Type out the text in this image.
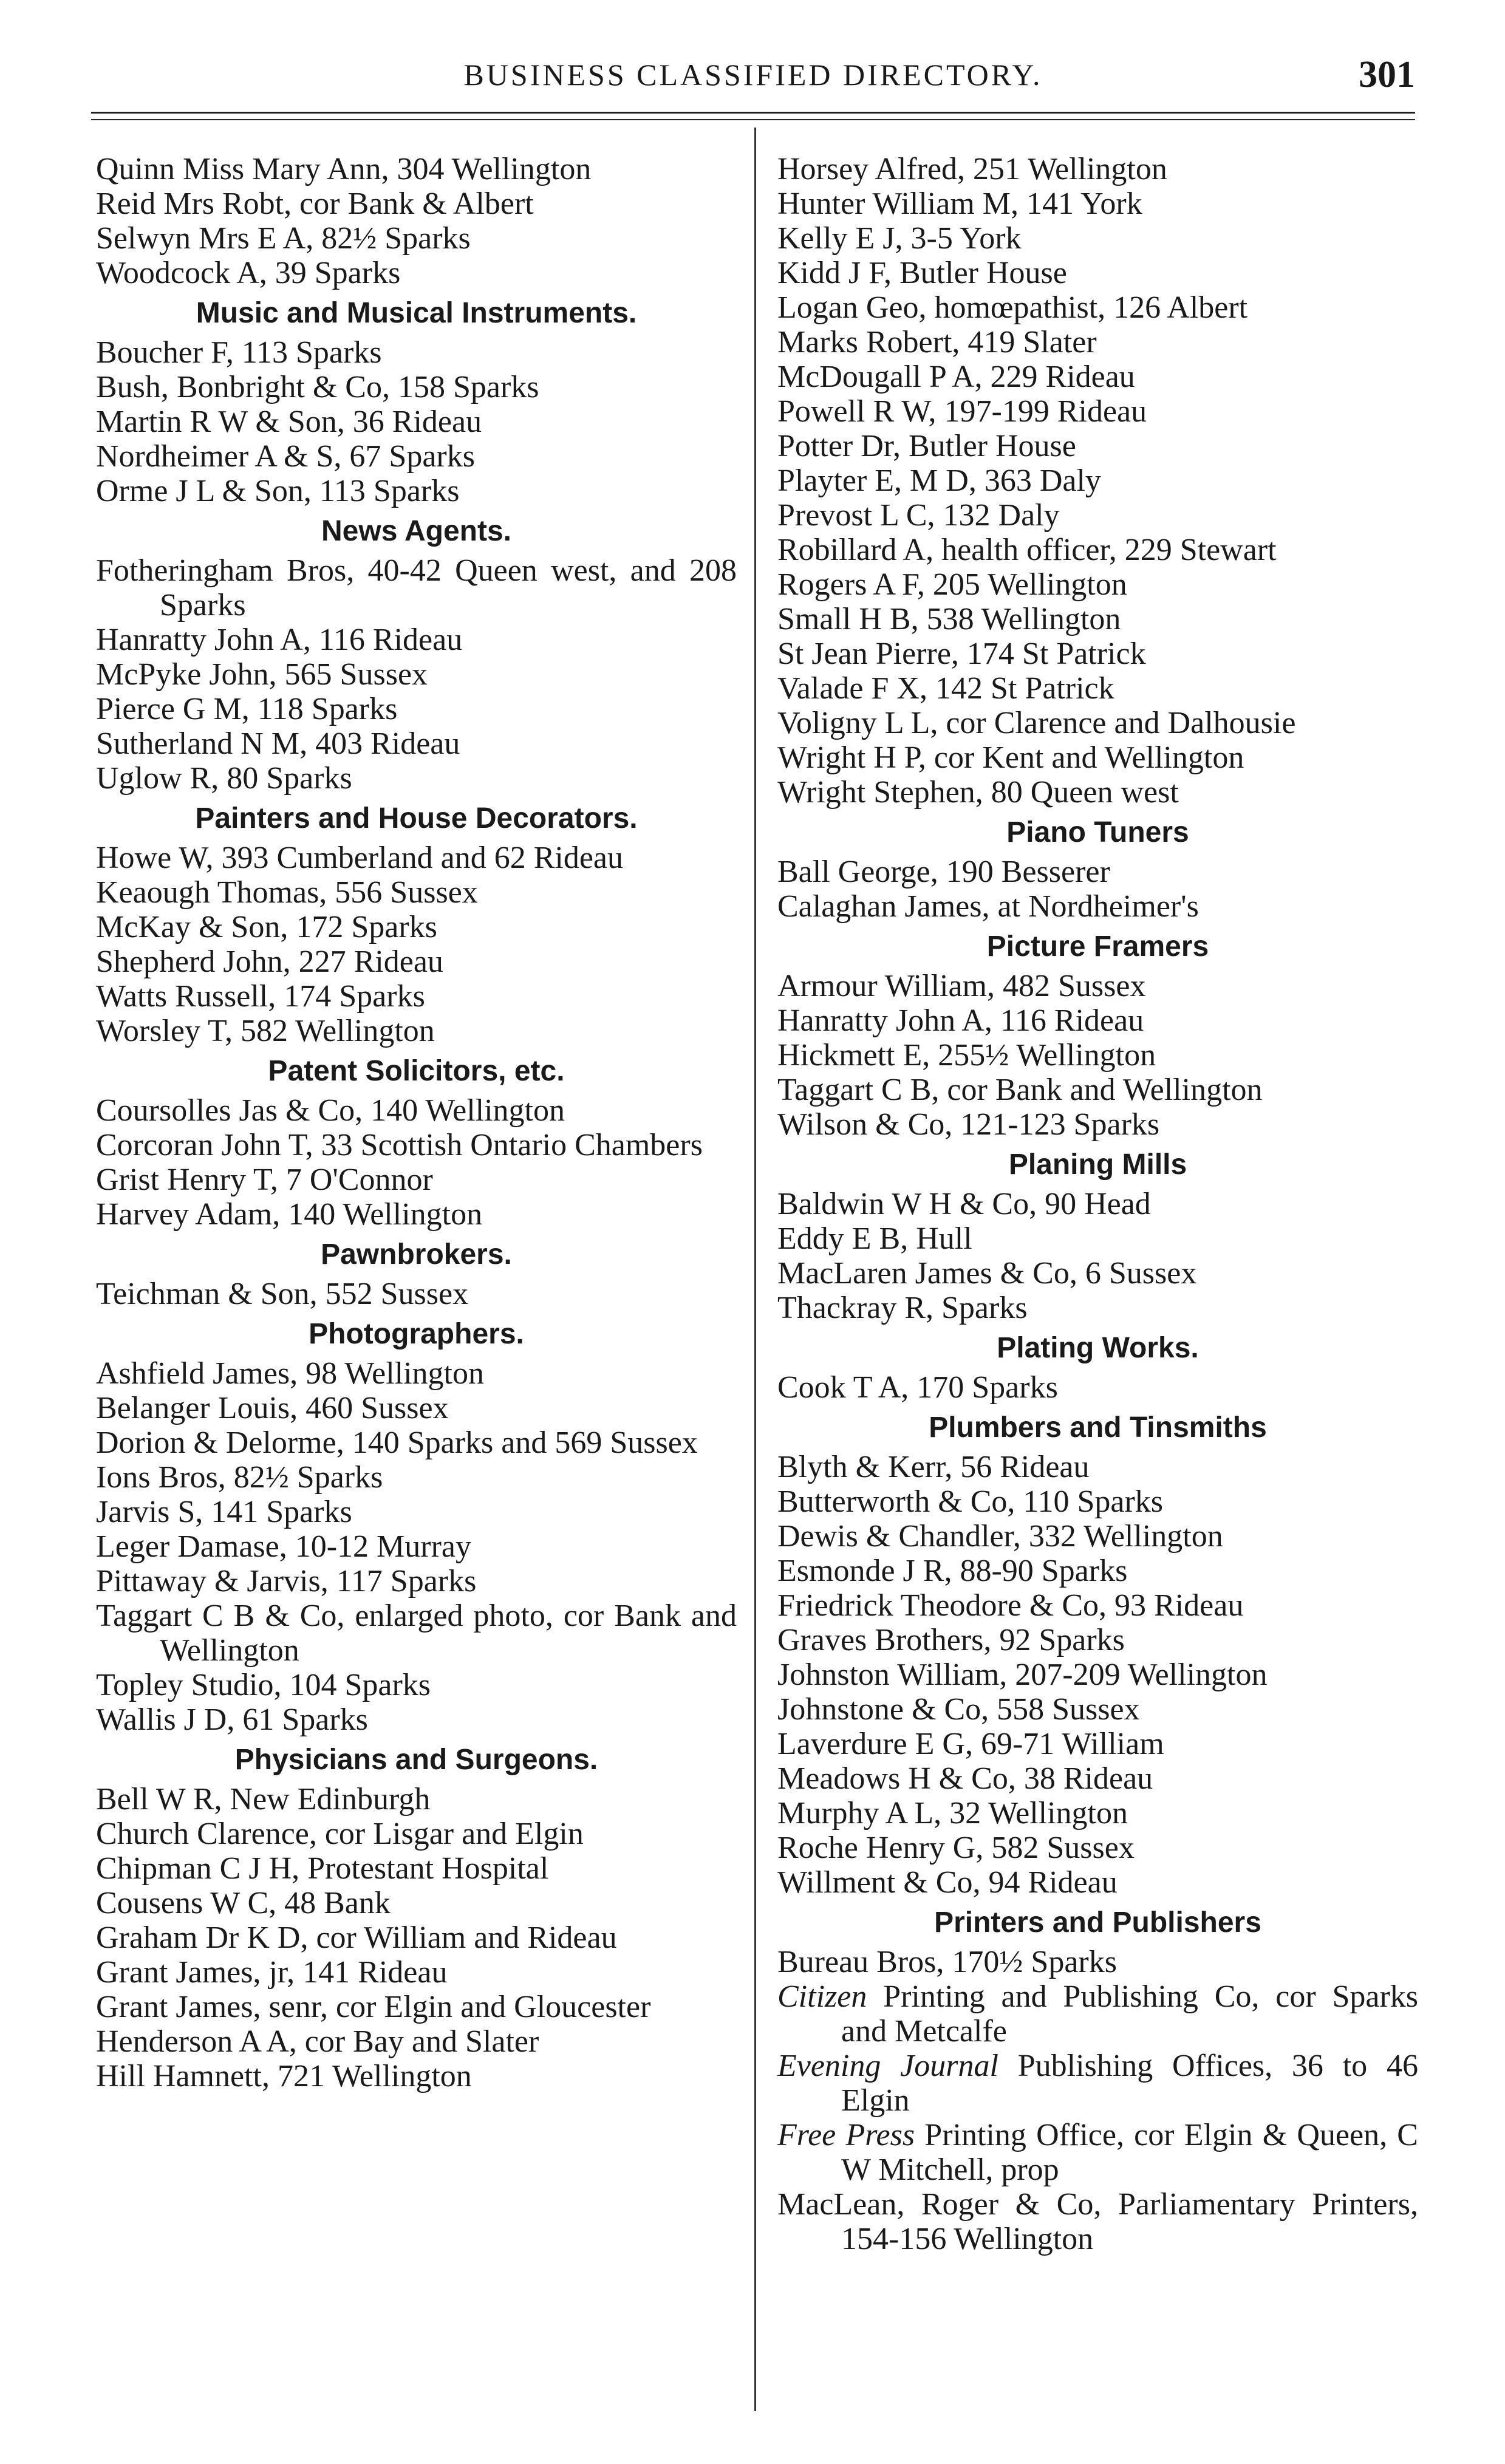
BUSINESS CLASSIFIED DIRECTORY.	301
Quinn Miss Mary Ann, 304 Wellington
Reid Mrs Robt, cor Bank & Albert
Selwyn Mrs E A, 82½ Sparks
Woodcock A, 39 Sparks
Music and Musical Instruments.
Boucher F, 113 Sparks
Bush, Bonbright & Co, 158 Sparks
Martin R W & Son, 36 Rideau
Nordheimer A & S, 67 Sparks
Orme J L & Son, 113 Sparks
News Agents.
Fotheringham Bros, 40-42 Queen west, and 208 Sparks
Hanratty John A, 116 Rideau
McPyke John, 565 Sussex
Pierce G M, 118 Sparks
Sutherland N M, 403 Rideau
Uglow R, 80 Sparks
Painters and House Decorators.
Howe W, 393 Cumberland and 62 Rideau
Keaough Thomas, 556 Sussex
McKay & Son, 172 Sparks
Shepherd John, 227 Rideau
Watts Russell, 174 Sparks
Worsley T, 582 Wellington
Patent Solicitors, etc.
Coursolles Jas & Co, 140 Wellington
Corcoran John T, 33 Scottish Ontario Chambers
Grist Henry T, 7 O'Connor
Harvey Adam, 140 Wellington
Pawnbrokers.
Teichman & Son, 552 Sussex
Photographers.
Ashfield James, 98 Wellington
Belanger Louis, 460 Sussex
Dorion & Delorme, 140 Sparks and 569 Sussex
Ions Bros, 82½ Sparks
Jarvis S, 141 Sparks
Leger Damase, 10-12 Murray
Pittaway & Jarvis, 117 Sparks
Taggart C B & Co, enlarged photo, cor Bank and Wellington
Topley Studio, 104 Sparks
Wallis J D, 61 Sparks
Physicians and Surgeons.
Bell W R, New Edinburgh
Church Clarence, cor Lisgar and Elgin
Chipman C J H, Protestant Hospital
Cousens W C, 48 Bank
Graham Dr K D, cor William and Rideau
Grant James, jr, 141 Rideau
Grant James, senr, cor Elgin and Gloucester
Henderson A A, cor Bay and Slater
Hill Hamnett, 721 Wellington
Horsey Alfred, 251 Wellington
Hunter William M, 141 York
Kelly E J, 3-5 York
Kidd J F, Butler House
Logan Geo, homœpathist, 126 Albert
Marks Robert, 419 Slater
McDougall P A, 229 Rideau
Powell R W, 197-199 Rideau
Potter Dr, Butler House
Playter E, M D, 363 Daly
Prevost L C, 132 Daly
Robillard A, health officer, 229 Stewart
Rogers A F, 205 Wellington
Small H B, 538 Wellington
St Jean Pierre, 174 St Patrick
Valade F X, 142 St Patrick
Voligny L L, cor Clarence and Dalhousie
Wright H P, cor Kent and Wellington
Wright Stephen, 80 Queen west
Piano Tuners
Ball George, 190 Besserer
Calaghan James, at Nordheimer's
Picture Framers
Armour William, 482 Sussex
Hanratty John A, 116 Rideau
Hickmett E, 255½ Wellington
Taggart C B, cor Bank and Wellington
Wilson & Co, 121-123 Sparks
Planing Mills
Baldwin W H & Co, 90 Head
Eddy E B, Hull
MacLaren James & Co, 6 Sussex
Thackray R, Sparks
Plating Works.
Cook T A, 170 Sparks
Plumbers and Tinsmiths
Blyth & Kerr, 56 Rideau
Butterworth & Co, 110 Sparks
Dewis & Chandler, 332 Wellington
Esmonde J R, 88-90 Sparks
Friedrick Theodore & Co, 93 Rideau
Graves Brothers, 92 Sparks
Johnston William, 207-209 Wellington
Johnstone & Co, 558 Sussex
Laverdure E G, 69-71 William
Meadows H & Co, 38 Rideau
Murphy A L, 32 Wellington
Roche Henry G, 582 Sussex
Willment & Co, 94 Rideau
Printers and Publishers
Bureau Bros, 170½ Sparks
Citizen Printing and Publishing Co, cor Sparks and Metcalfe
Evening Journal Publishing Offices, 36 to 46 Elgin
Free Press Printing Office, cor Elgin & Queen, C W Mitchell, prop
MacLean, Roger & Co, Parliamentary Printers, 154-156 Wellington
